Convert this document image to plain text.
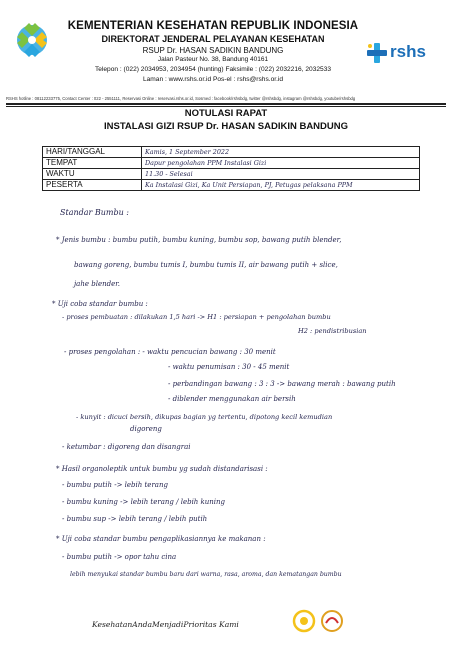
rshs
KEMENTERIAN KESEHATAN REPUBLIK INDONESIA
DIREKTORAT JENDERAL PELAYANAN KESEHATAN
RSUP Dr. HASAN SADIKIN BANDUNG
Jalan Pasteur No. 38, Bandung 40161
Telepon : (022) 2034953, 2034954 (hunting) Faksimile : (022) 2032216, 2032533
Laman : www.rshs.or.id Pos-el : rshs@rshs.or.id
RSHS hotline : 08112233775, Contact Center : 022 - 2551111, Reservasi Online : reservasi.rshs.or.id, Sosmed : facebook/rshsbdg, twitter @rshsbdg, instagram @rshsbdg, youtube/rshsbdg
NOTULASI RAPAT
INSTALASI GIZI RSUP Dr. HASAN SADIKIN BANDUNG
HARI/TANGGAL	Kamis, 1 September 2022
TEMPAT	Dapur pengolahan PPM Instalasi Gizi
WAKTU	11.30 - Selesai
PESERTA	Ka Instalasi Gizi, Ka Unit Persiapan, PJ, Petugas pelaksana PPM
Standar Bumbu :
* Jenis bumbu : bumbu putih, bumbu kuning, bumbu sop, bawang putih blender,
bawang goreng, bumbu tumis I, bumbu tumis II, air bawang putih + slice,
jahe blender.
* Uji coba standar bumbu :
- proses pembuatan : dilakukan 1,5 hari -> H1 : persiapan + pengolahan bumbu
H2 : pendistribusian
- proses pengolahan : - waktu pencucian bawang : 30 menit
- waktu penumisan : 30 - 45 menit
- perbandingan bawang : 3 : 3 -> bawang merah : bawang putih
- diblender menggunakan air bersih
- kunyit : dicuci bersih, dikupas bagian yg tertentu, dipotong kecil kemudian
digoreng
- ketumbar : digoreng dan disangrai
* Hasil organoleptik untuk bumbu yg sudah distandarisasi :
- bumbu putih -> lebih terang
- bumbu kuning -> lebih terang / lebih kuning
- bumbu sup -> lebih terang / lebih putih
* Uji coba standar bumbu pengaplikasiannya ke makanan :
- bumbu putih -> opor tahu cina
lebih menyukai standar bumbu baru dari warna, rasa, aroma, dan kematangan bumbu
KesehatanAndaMenjadiPrioritas Kami
